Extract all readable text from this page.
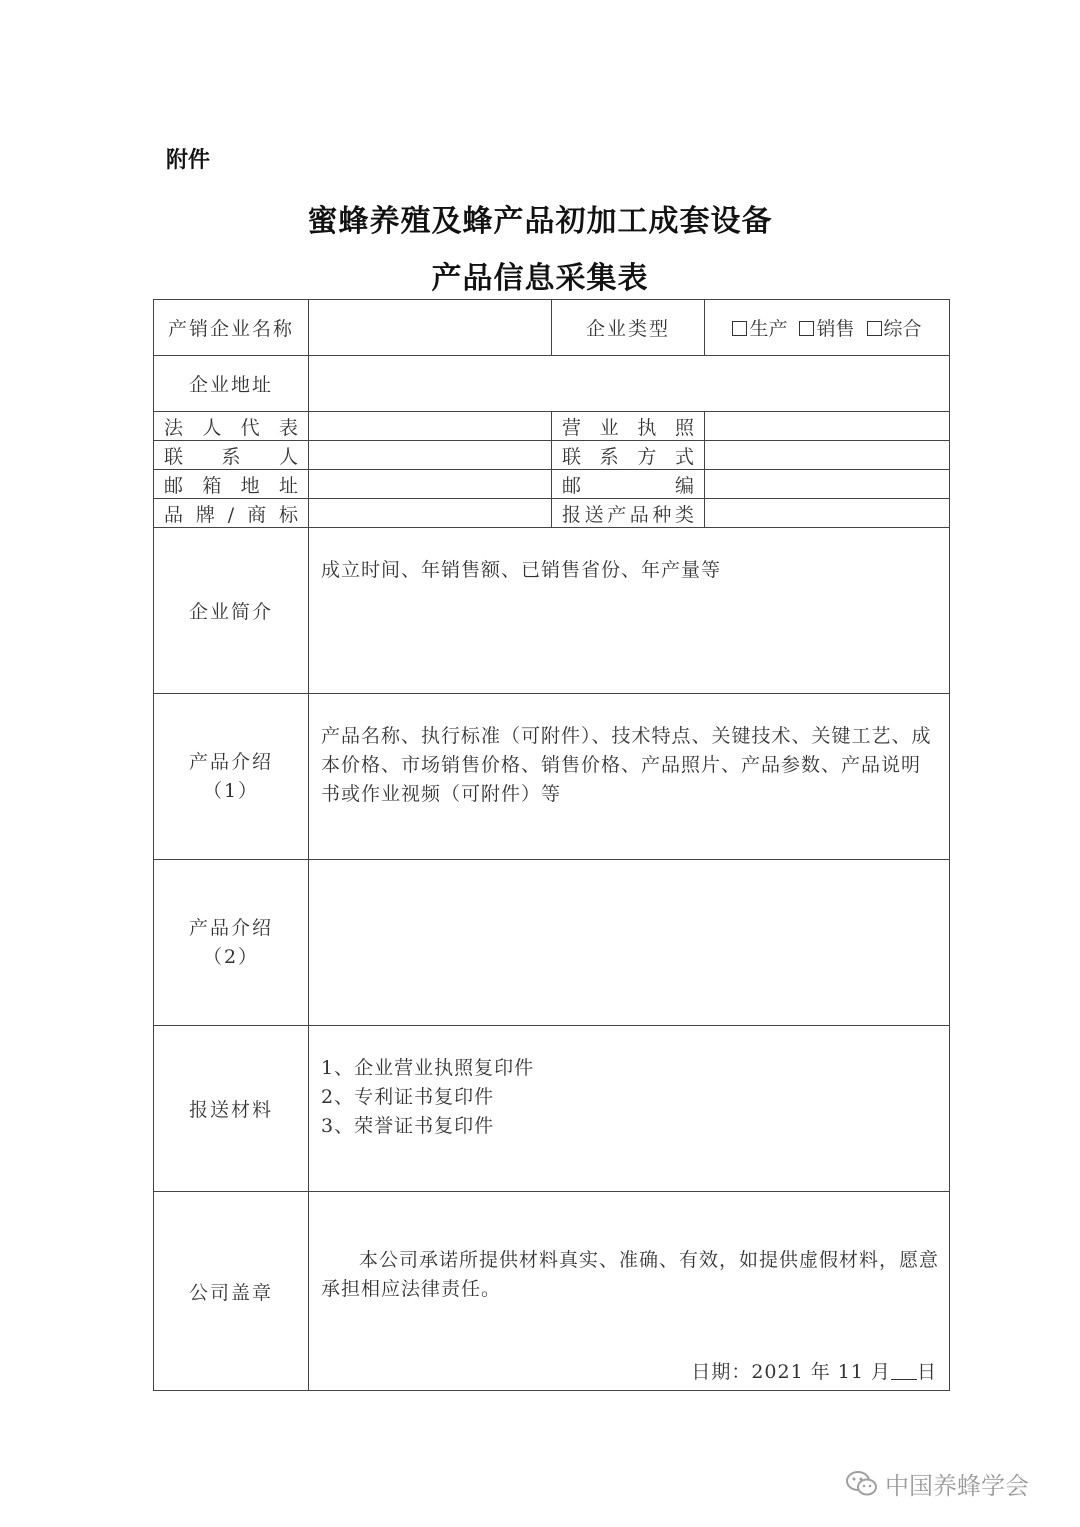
附件
蜜蜂养殖及蜂产品初加工成套设备
产品信息采集表
产销企业名称		企业类型	生产 销售 综合
企业地址			
法人代表		营业执照	
联系人		联系方式	
邮箱地址		邮编	
品牌/商标		报送产品种类	
企业简介	成立时间、年销售额、已销售省份、年产量等		

产品介绍
（1）	产品名称、执行标准（可附件）、技术特点、关键技术、关键工艺、成本价格、市场销售价格、销售价格、产品照片、产品参数、产品说明书或作业视频（可附件）等		

产品介绍
（2）			

报送材料	1、企业营业执照复印件
2、专利证书复印件
3、荣誉证书复印件		

公司盖章	本公司承诺所提供材料真实、准确、有效，如提供虚假材料，愿意承担相应法律责任。
日期：2021 年 11 月 日		
中国养蜂学会
